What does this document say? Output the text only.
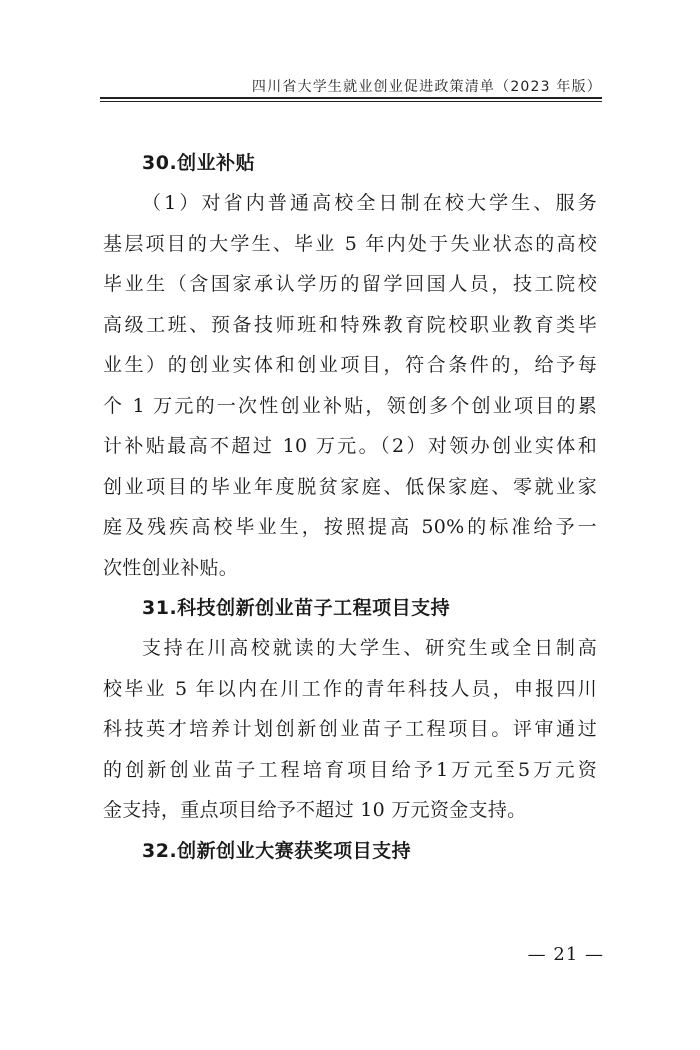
四川省大学生就业创业促进政策清单（2023 年版）
30.创业补贴
（1）对省内普通高校全日制在校大学生、服务
基层项目的大学生、毕业 5 年内处于失业状态的高校
毕业生（含国家承认学历的留学回国人员，技工院校
高级工班、预备技师班和特殊教育院校职业教育类毕
业生）的创业实体和创业项目，符合条件的，给予每
个 1 万元的一次性创业补贴，领创多个创业项目的累
计补贴最高不超过 10 万元。（2）对领办创业实体和
创业项目的毕业年度脱贫家庭、低保家庭、零就业家
庭及残疾高校毕业生，按照提高 50%的标准给予一
次性创业补贴。
31.科技创新创业苗子工程项目支持
支持在川高校就读的大学生、研究生或全日制高
校毕业 5 年以内在川工作的青年科技人员，申报四川
科技英才培养计划创新创业苗子工程项目。评审通过
的创新创业苗子工程培育项目给予1万元至5万元资
金支持，重点项目给予不超过 10 万元资金支持。
32.创新创业大赛获奖项目支持
— 21 —
